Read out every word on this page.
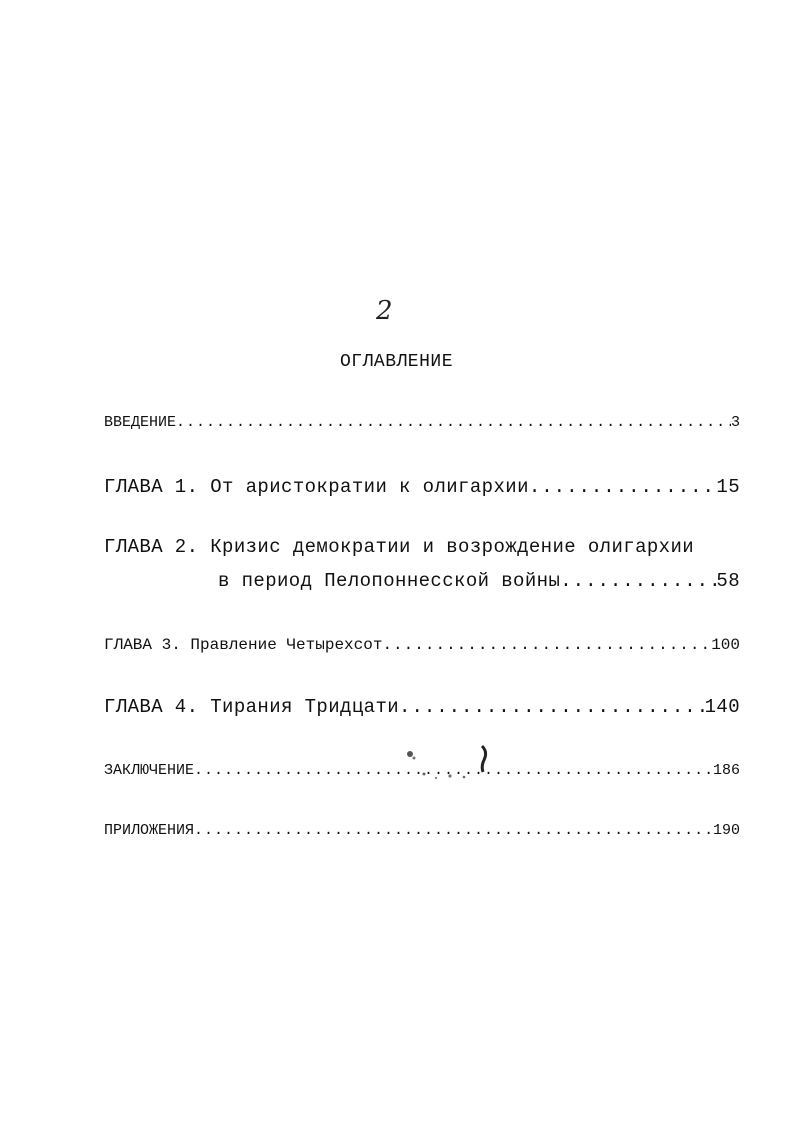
2
ОГЛАВЛЕНИЕ
ВВЕДЕНИЕ .....	3
ГЛАВА 1. От аристократии к олигархии .....	15
ГЛАВА 2. Кризис демократии и возрождение олигархии
в период Пелопоннесской войны .....	58
ГЛАВА 3. Правление Четырехсот .....	100
ГЛАВА 4. Тирания Тридцати .....	140
ЗАКЛЮЧЕНИЕ .....	186
ПРИЛОЖЕНИЯ .....	190
